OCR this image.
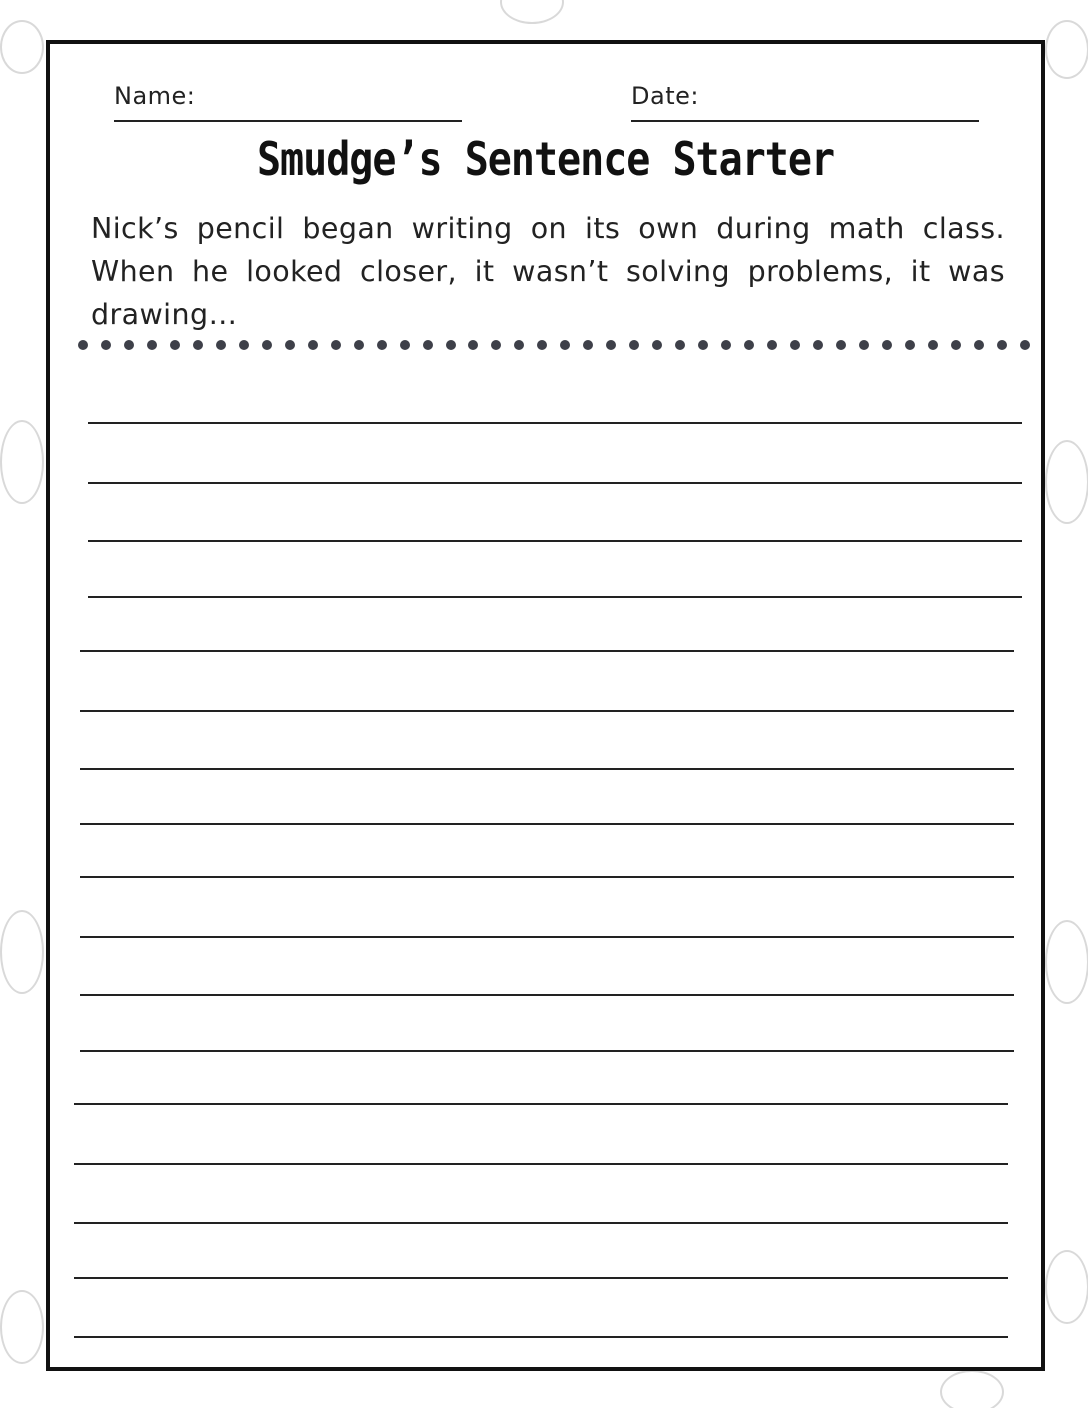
Name:	Date:
Smudge’s Sentence Starter
Nick’s pencil began writing on its own during math class. When he looked closer, it wasn’t solving problems, it was drawing…
